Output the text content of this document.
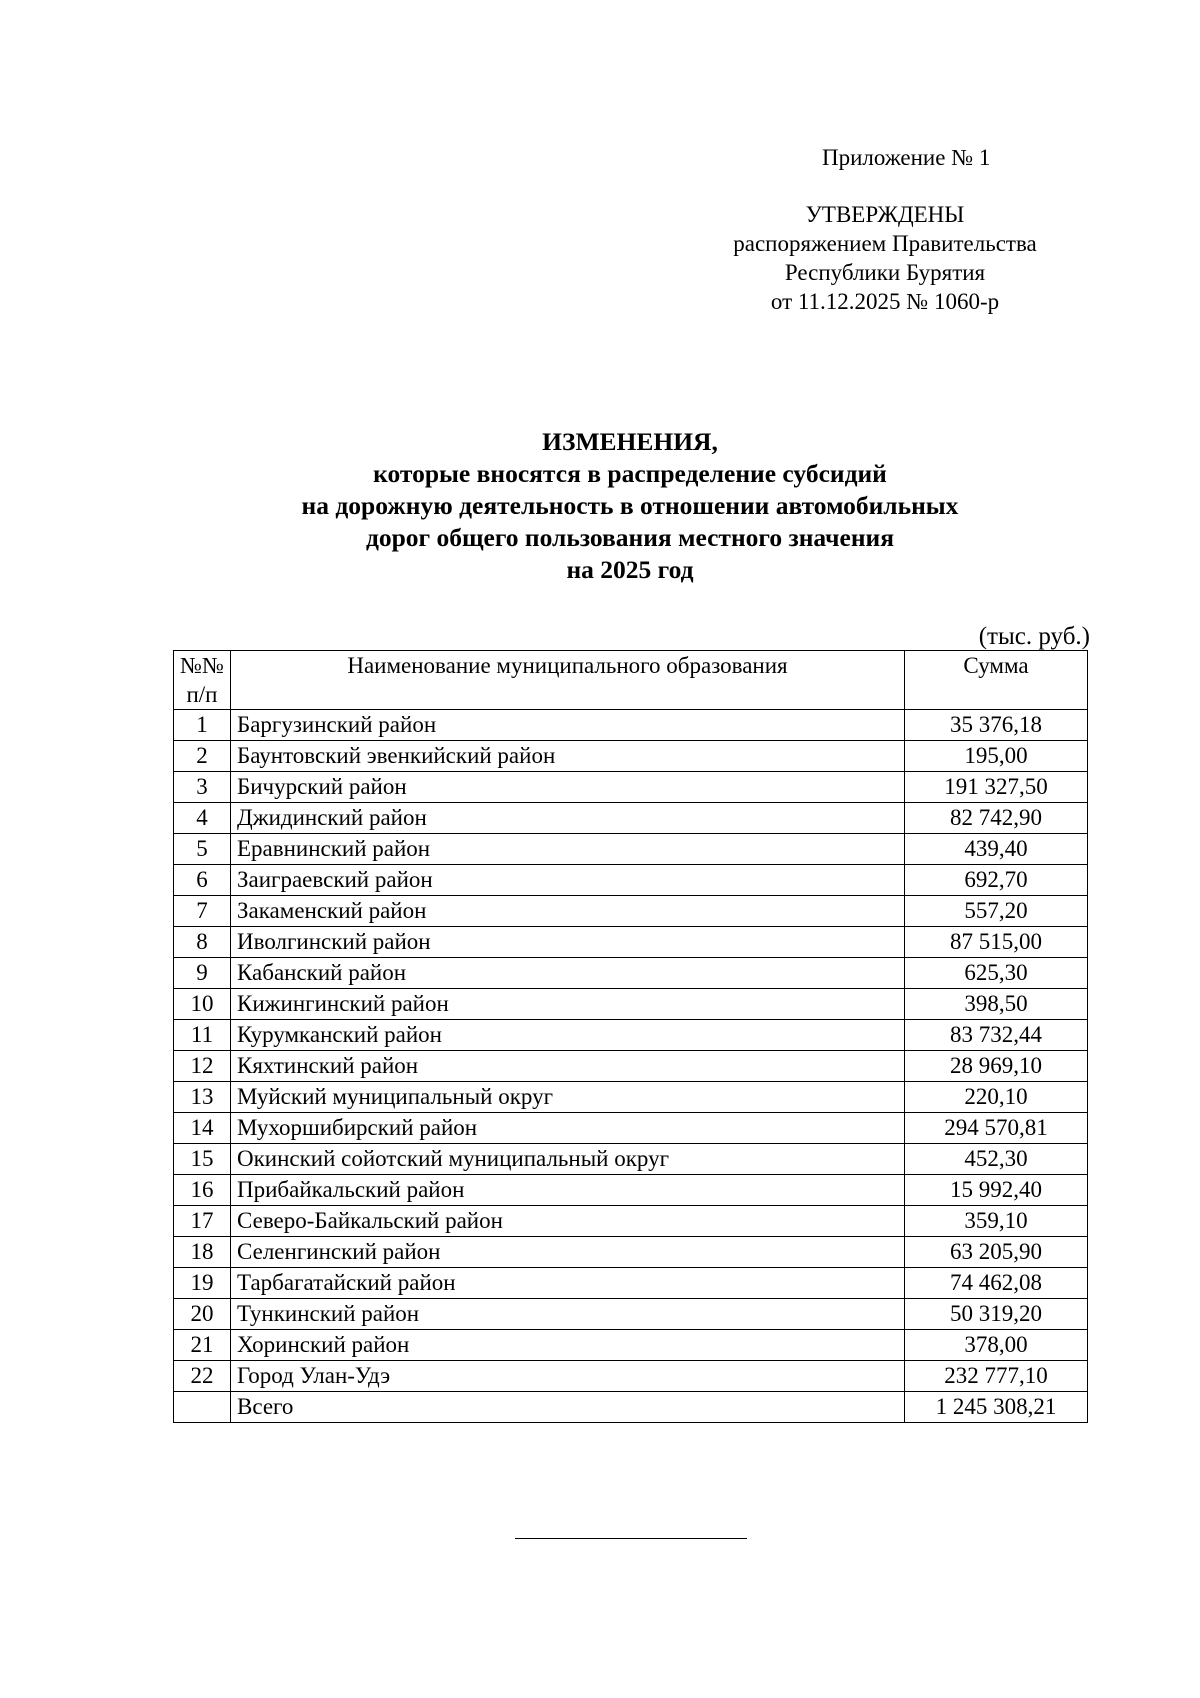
Приложение № 1
УТВЕРЖДЕНЫ
распоряжением Правительства
Республики Бурятия
от 11.12.2025 № 1060-р
ИЗМЕНЕНИЯ,
которые вносятся в распределение субсидий
на дорожную деятельность в отношении автомобильных
дорог общего пользования местного значения
на 2025 год
(тыс. руб.)
№№
п/п	Наименование муниципального образования	Сумма
1	Баргузинский район	35 376,18
2	Баунтовский эвенкийский район	195,00
3	Бичурский район	191 327,50
4	Джидинский район	82 742,90
5	Еравнинский район	439,40
6	Заиграевский район	692,70
7	Закаменский район	557,20
8	Иволгинский район	87 515,00
9	Кабанский район	625,30
10	Кижингинский район	398,50
11	Курумканский район	83 732,44
12	Кяхтинский район	28 969,10
13	Муйский муниципальный округ	220,10
14	Мухоршибирский район	294 570,81
15	Окинский сойотский муниципальный округ	452,30
16	Прибайкальский район	15 992,40
17	Северо-Байкальский район	359,10
18	Селенгинский район	63 205,90
19	Тарбагатайский район	74 462,08
20	Тункинский район	50 319,20
21	Хоринский район	378,00
22	Город Улан-Удэ	232 777,10
	Всего	1 245 308,21
